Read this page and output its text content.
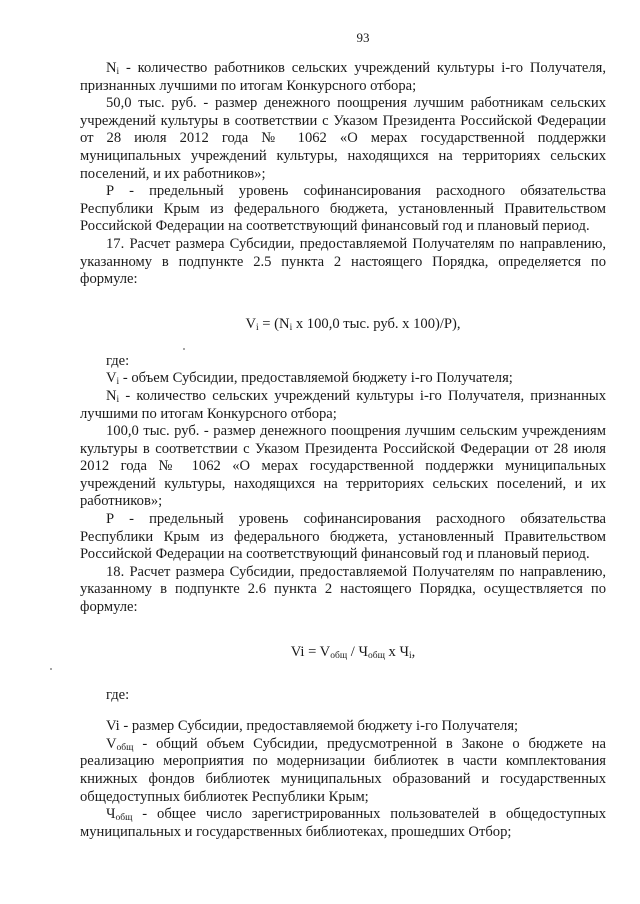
93

$N_i$ - количество работников сельских учреждений культуры i-го Получателя, признанных лучшими по итогам Конкурсного отбора;

50,0 тыс. руб. - размер денежного поощрения лучшим работникам сельских учреждений культуры в соответствии с Указом Президента Российской Федерации от 28 июля 2012 года № 1062 «О мерах государственной поддержки муниципальных учреждений культуры, находящихся на территориях сельских поселений, и их работников»;

Р - предельный уровень софинансирования расходного обязательства Республики Крым из федерального бюджета, установленный Правительством Российской Федерации на соответствующий финансовый год и плановый период.

17. Расчет размера Субсидии, предоставляемой Получателям по направлению, указанному в подпункте 2.5 пункта 2 настоящего Порядка, определяется по формуле:

$V_i = (N_i$ х 100,0 тыс. руб. х 100)/Р),

где:

$V_i$ - объем Субсидии, предоставляемой бюджету i-го Получателя;

$N_i$ - количество сельских учреждений культуры i-го Получателя, признанных лучшими по итогам Конкурсного отбора;

100,0 тыс. руб. - размер денежного поощрения лучшим сельским учреждениям культуры в соответствии с Указом Президента Российской Федерации от 28 июля 2012 года № 1062 «О мерах государственной поддержки муниципальных учреждений культуры, находящихся на территориях сельских поселений, и их работников»;

Р - предельный уровень софинансирования расходного обязательства Республики Крым из федерального бюджета, установленный Правительством Российской Федерации на соответствующий финансовый год и плановый период.

18. Расчет размера Субсидии, предоставляемой Получателям по направлению, указанному в подпункте 2.6 пункта 2 настоящего Порядка, осуществляется по формуле:

$Vi = V_{общ} / Ч_{общ}$ х $Ч_i$,

где:

Vi - размер Субсидии, предоставляемой бюджету i-го Получателя;

$V_{общ}$ - общий объем Субсидии, предусмотренной в Законе о бюджете на реализацию мероприятия по модернизации библиотек в части комплектования книжных фондов библиотек муниципальных образований и государственных общедоступных библиотек Республики Крым;

$Ч_{общ}$ - общее число зарегистрированных пользователей в общедоступных муниципальных и государственных библиотеках, прошедших Отбор;
